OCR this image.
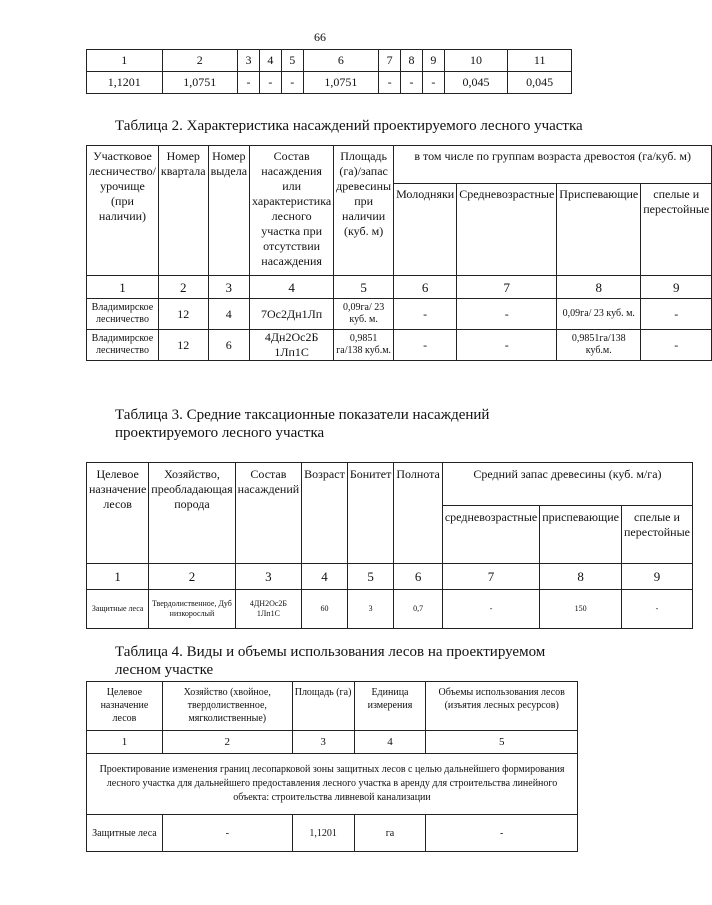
66
1	2	3	4	5	6	7	8	9	10	11
1,1201	1,0751	-	-	-	1,0751	-	-	-	0,045	0,045
Таблица 2. Характеристика насаждений проектируемого лесного участка
Участковое лесничество/урочище (при наличии)	Номер квартала	Номер выдела	Состав насаждения или характеристика лесного участка при отсутствии насаждения	Площадь (га)/запас древесины при наличии (куб. м)	в том числе по группам возраста древостоя (га/куб. м)			
					Молодняки	Средневозрастные	Приспевающие	спелые и перестойные
1	2	3	4	5	6	7	8	9
Владимирское лесничество	12	4	7Ос2Дн1Лп	0,09га/ 23 куб. м.	-	-	0,09га/ 23 куб. м.	-
Владимирское лесничество	12	6	4Дн2Ос2Б 1Лп1С	0,9851 га/138 куб.м.	-	-	0,9851га/138 куб.м.	-
Таблица 3. Средние таксационные показатели насаждений проектируемого лесного участка
Целевое назначение лесов	Хозяйство, преобладающая порода	Состав насаждений	Возраст	Бонитет	Полнота	Средний запас древесины (куб. м/га)		
						средневозрастные	приспевающие	спелые и перестойные
1	2	3	4	5	6	7	8	9
Защитные леса	Твердолиственное, Дуб низкорослый	4ДН2Ос2Б 1Лп1С	60	3	0,7	-	150	-
Таблица 4. Виды и объемы использования лесов на проектируемом лесном участке
Целевое назначение лесов	Хозяйство (хвойное, твердолиственное, мягколиственные)	Площадь (га)	Единица измерения	Объемы использования лесов (изъятия лесных ресурсов)
1	2	3	4	5
Проектирование изменения границ лесопарковой зоны защитных лесов с целью дальнейшего формирования лесного участка для дальнейшего предоставления лесного участка в аренду для строительства линейного объекта: строительства ливневой канализации				
Защитные леса	-	1,1201	га	-
